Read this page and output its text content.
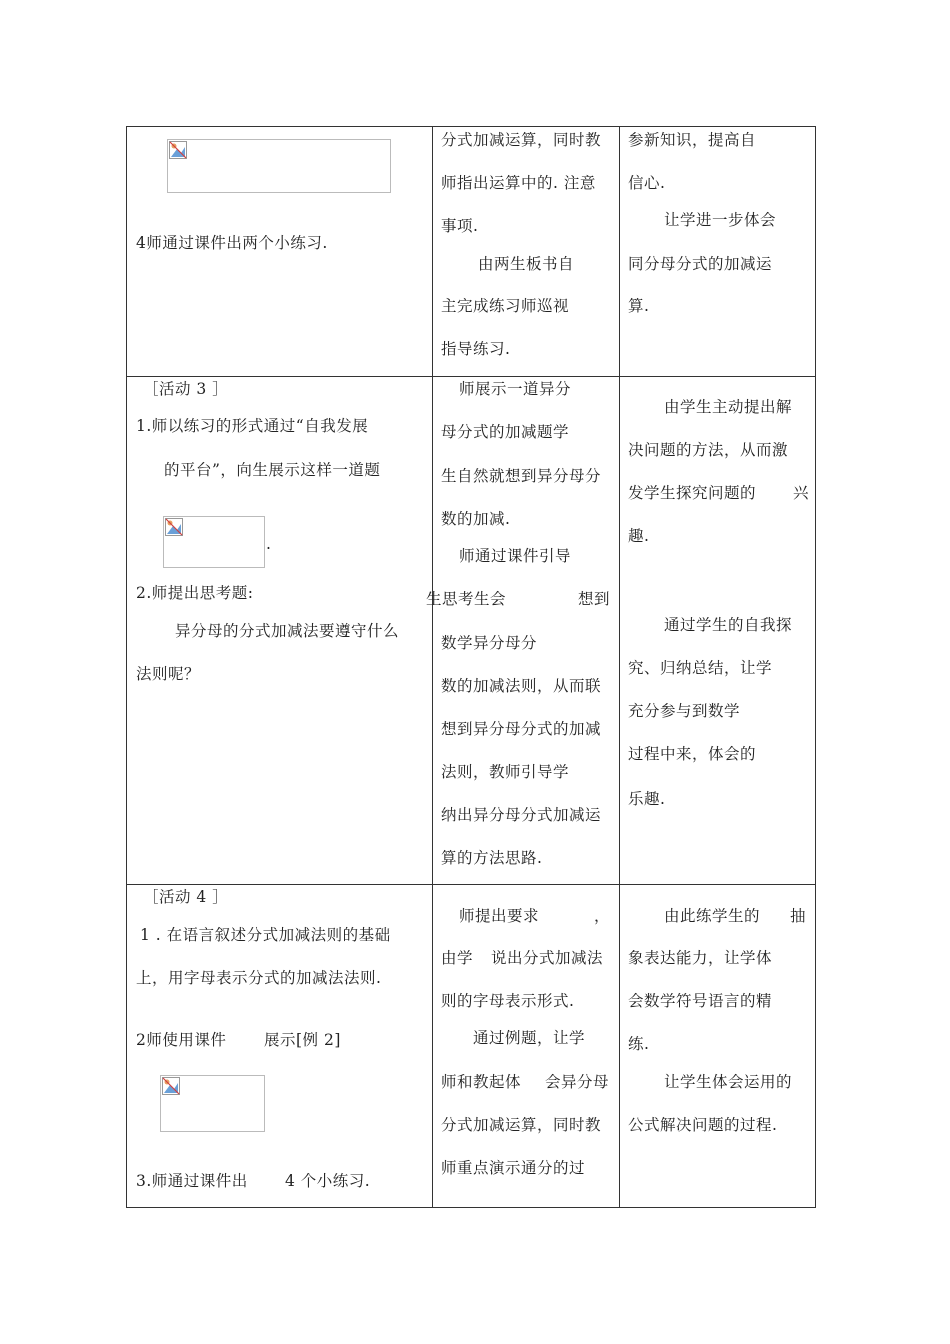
4师通过课件出两个小练习.
分式加减运算，同时教
师指出运算中的. 注意
事项.
由两生板书自
主完成练习师巡视
指导练习.
参新知识，提高自
信心.
让学进一步体会
同分母分式的加减运
算.
［活动 3 ］
1.师以练习的形式通过“自我发展
的平台”，向生展示这样一道题
.
2.师提出思考题:
异分母的分式加减法要遵守什么
法则呢？
师展示一道异分
母分式的加减题学
生自然就想到异分母分
数的加减.
师通过课件引导
生思考生会	想到
数学异分母分
数的加减法则，从而联
想到异分母分式的加减
法则，教师引导学
纳出异分母分式加减运
算的方法思路.
由学生主动提出解
决问题的方法，从而激
发学生探究问题的 兴
趣.
通过学生的自我探
究、归纳总结，让学
充分参与到数学
过程中来，体会的
乐趣.
［活动 4 ］
1 . 在语言叙述分式加减法则的基础
上，用字母表示分式的加减法法则.
2师使用课件 展示[例 2]
3.师通过课件出 4 个小练习.
师提出要求	，
由学 说出分式加减法
则的字母表示形式.
通过例题，让学
师和教起体 会异分母
分式加减运算，同时教
师重点演示通分的过
由此练学生的 抽
象表达能力，让学体
会数学符号语言的精
练.
让学生体会运用的
公式解决问题的过程.
